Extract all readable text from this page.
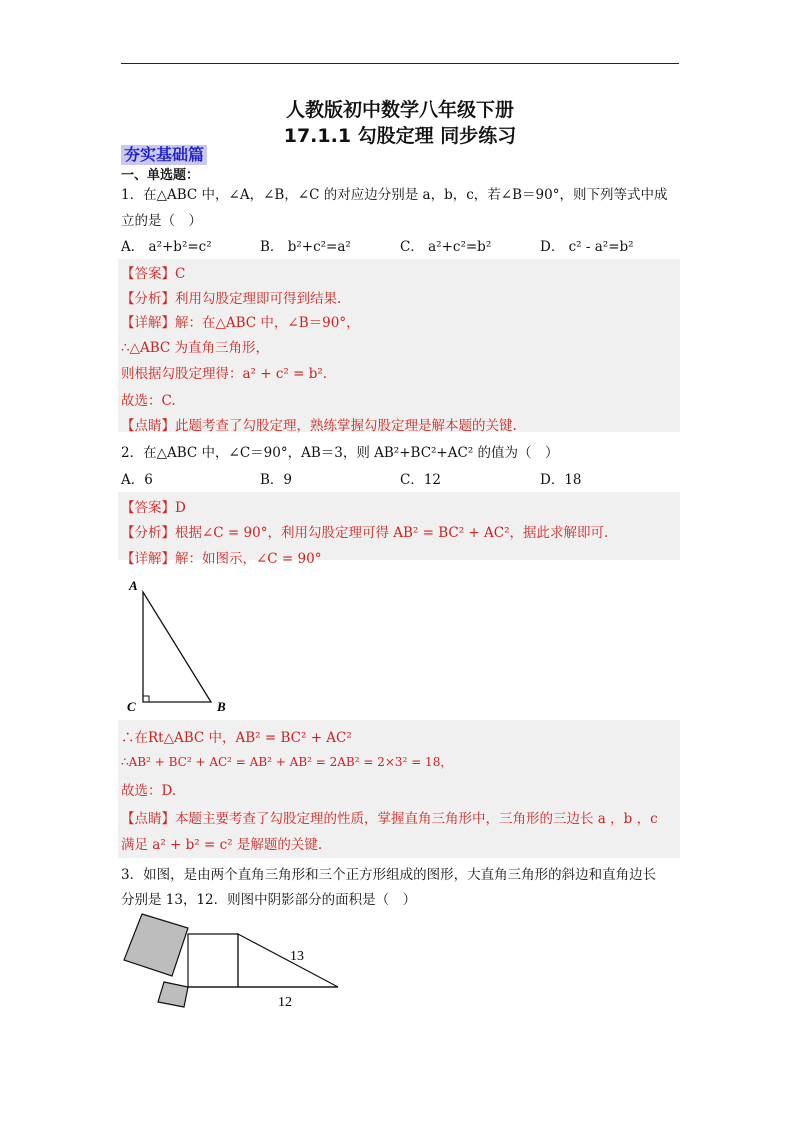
人教版初中数学八年级下册
17.1.1 勾股定理 同步练习
夯实基础篇
一、单选题：
1．在△ABC 中，∠A，∠B，∠C 的对应边分别是 a，b，c，若∠B＝90°，则下列等式中成
立的是（　）
A． a²+b²=c²	B． b²+c²=a²	C． a²+c²=b²	D． c² - a²=b²
【答案】C
【分析】利用勾股定理即可得到结果.
【详解】解：在△ABC 中，∠B＝90°，
∴△ABC 为直角三角形，
则根据勾股定理得：a² + c² = b².
故选：C.
【点睛】此题考查了勾股定理，熟练掌握勾股定理是解本题的关键.
2．在△ABC 中，∠C＝90°，AB＝3，则 AB²+BC²+AC² 的值为（　）
A．6	B．9	C．12	D．18
【答案】D
【分析】根据∠C = 90°，利用勾股定理可得 AB² = BC² + AC²，据此求解即可.
【详解】解：如图示，∠C = 90°
A
C	B
∴在Rt△ABC 中，AB² = BC² + AC²
∴AB² + BC² + AC² = AB² + AB² = 2AB² = 2×3² = 18，
故选：D.
【点睛】本题主要考查了勾股定理的性质，掌握直角三角形中，三角形的三边长 a ，b ，c
满足 a² + b² = c² 是解题的关键.
3．如图，是由两个直角三角形和三个正方形组成的图形，大直角三角形的斜边和直角边长
分别是 13，12．则图中阴影部分的面积是（　）
13
12
